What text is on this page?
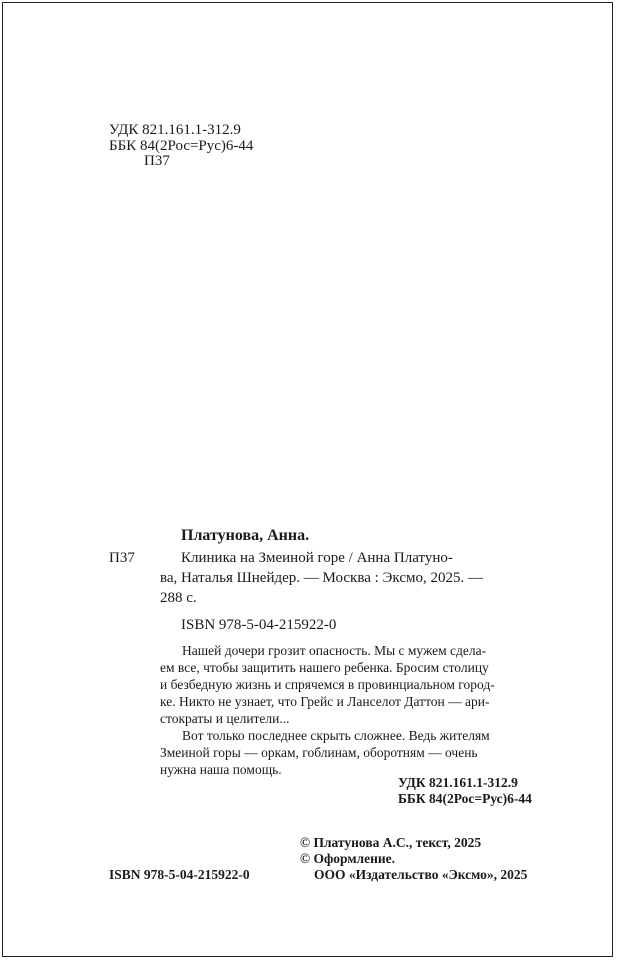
УДК 821.161.1-312.9
ББК 84(2Рос=Рус)6-44
П37
Платунова, Анна.
П37	Клиника на Змеиной горе / Анна Платуно-
ва, Наталья Шнейдер. — Москва : Эксмо, 2025. —
288 с.
ISBN 978-5-04-215922-0
Нашей дочери грозит опасность. Мы с мужем сдела-
ем все, чтобы защитить нашего ребенка. Бросим столицу
и безбедную жизнь и спрячемся в провинциальном город-
ке. Никто не узнает, что Грейс и Ланселот Даттон — ари-
стократы и целители...
Вот только последнее скрыть сложнее. Ведь жителям
Змеиной горы — оркам, гоблинам, оборотням — очень
нужна наша помощь.
УДК 821.161.1-312.9
ББК 84(2Рос=Рус)6-44
© Платунова А.С., текст, 2025
© Оформление.
ООО «Издательство «Эксмо», 2025
ISBN 978-5-04-215922-0
